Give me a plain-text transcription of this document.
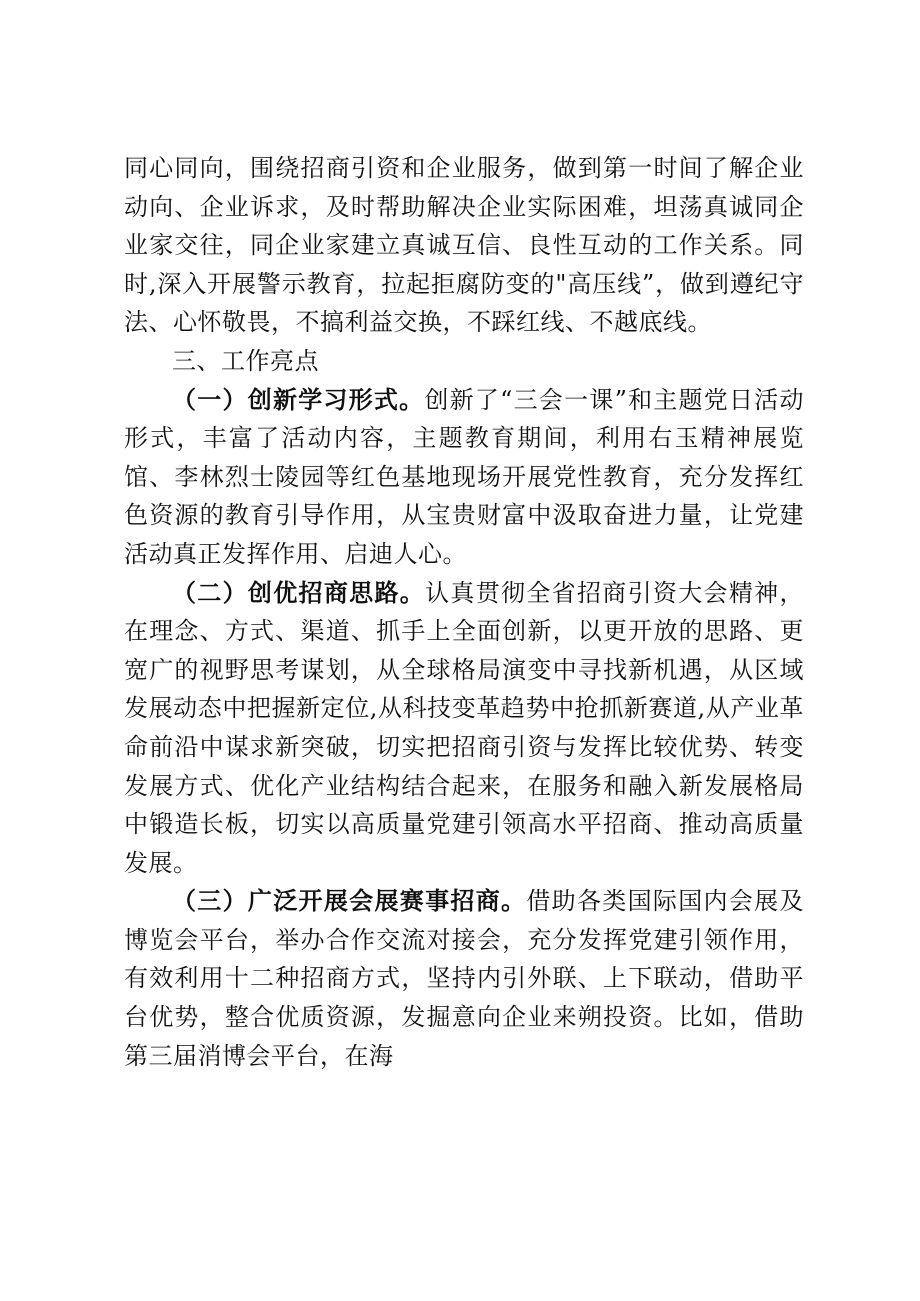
同心同向，围绕招商引资和企业服务，做到第一时间了解企业动向、企业诉求，及时帮助解决企业实际困难，坦荡真诚同企业家交往，同企业家建立真诚互信、良性互动的工作关系。同时,深入开展警示教育，拉起拒腐防变的"高压线”，做到遵纪守法、心怀敬畏，不搞利益交换，不踩红线、不越底线。

三、工作亮点

（一）创新学习形式。创新了“三会一课”和主题党日活动形式，丰富了活动内容，主题教育期间，利用右玉精神展览馆、李林烈士陵园等红色基地现场开展党性教育，充分发挥红色资源的教育引导作用，从宝贵财富中汲取奋进力量，让党建活动真正发挥作用、启迪人心。

（二）创优招商思路。认真贯彻全省招商引资大会精神，在理念、方式、渠道、抓手上全面创新，以更开放的思路、更宽广的视野思考谋划，从全球格局演变中寻找新机遇，从区域发展动态中把握新定位,从科技变革趋势中抢抓新赛道,从产业革命前沿中谋求新突破，切实把招商引资与发挥比较优势、转变发展方式、优化产业结构结合起来，在服务和融入新发展格局中锻造长板，切实以高质量党建引领高水平招商、推动高质量发展。

（三）广泛开展会展赛事招商。借助各类国际国内会展及博览会平台，举办合作交流对接会，充分发挥党建引领作用，有效利用十二种招商方式，坚持内引外联、上下联动，借助平台优势，整合优质资源，发掘意向企业来朔投资。比如，借助第三届消博会平台，在海
